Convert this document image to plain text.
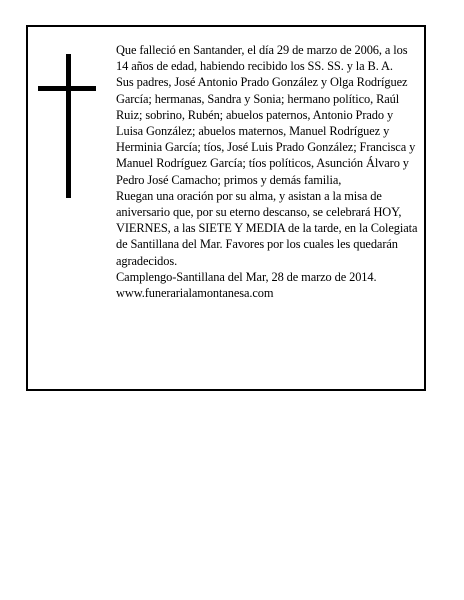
Que falleció en Santander, el día 29 de marzo de 2006, a los 14 años de edad, habiendo recibido los SS. SS. y la B. A.

Sus padres, José Antonio Prado González y Olga Rodríguez García; hermanas, Sandra y Sonia; hermano político, Raúl Ruiz; sobrino, Rubén; abuelos paternos, Antonio Prado y Luisa González; abuelos maternos, Manuel Rodríguez y Herminia García; tíos, José Luis Prado González; Francisca y Manuel Rodríguez García; tíos políticos, Asunción Álvaro y Pedro José Camacho; primos y demás familia,

Ruegan una oración por su alma, y asistan a la misa de aniversario que, por su eterno descanso, se celebrará HOY, VIERNES, a las SIETE Y MEDIA de la tarde, en la Colegiata de Santillana del Mar. Favores por los cuales les quedarán agradecidos.

Camplengo-Santillana del Mar, 28 de marzo de 2014.

www.funerarialamontanesa.com
